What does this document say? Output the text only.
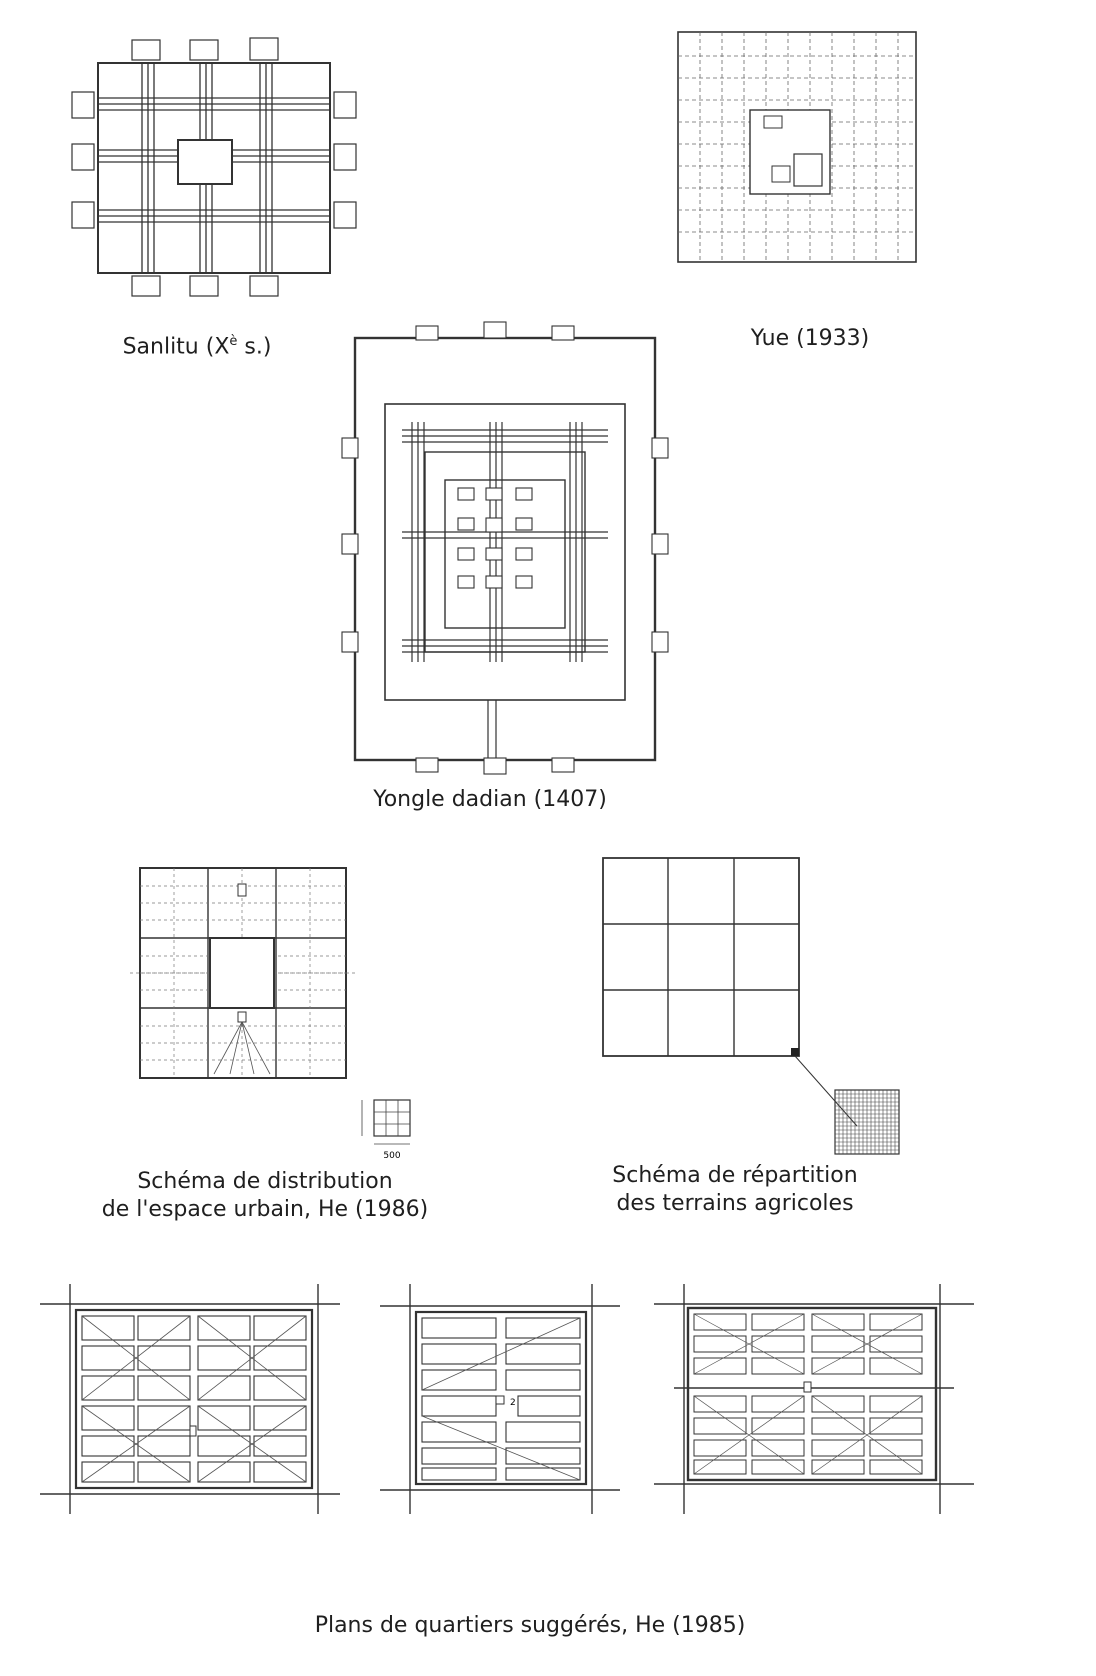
Sanlitu ($X^è$ s.)	Yue (1933)
Yongle dadian (1407)
500
Schéma de distribution
de l'espace urbain, He (1986)
Schéma de répartition
des terrains agricoles
2
Plans de quartiers suggérés, He (1985)
